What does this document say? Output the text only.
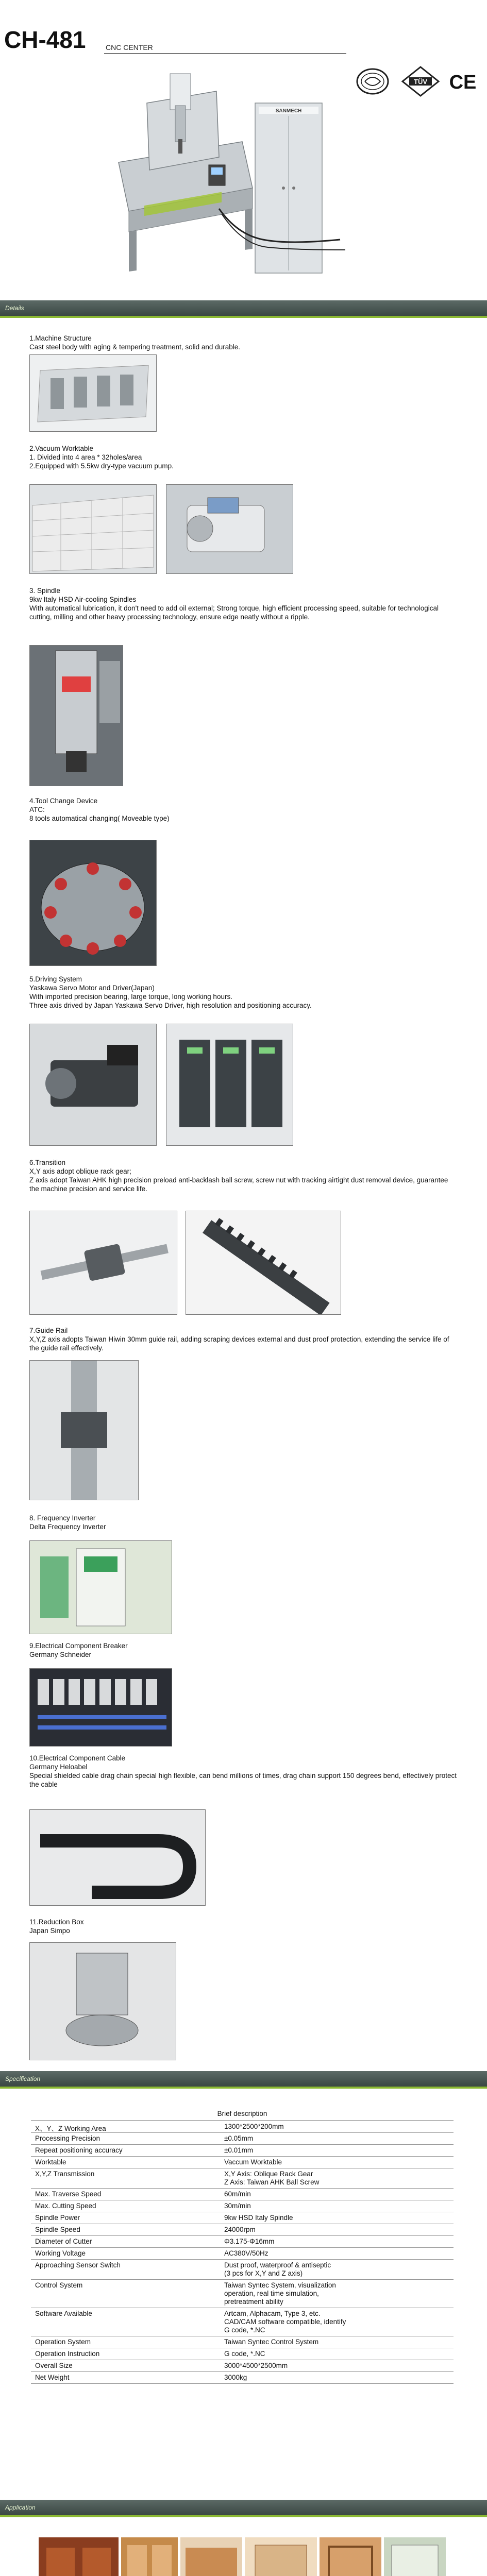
CH-481	CNC CENTER
TÜV CE
SANMECH
Details
1.Machine Structure
Cast steel body with aging & tempering treatment, solid and durable.
2.Vacuum Worktable
1. Divided into 4 area * 32holes/area
2.Equipped with 5.5kw dry-type vacuum pump.
3. Spindle
9kw Italy HSD Air-cooling Spindles
With automatical lubrication, it don't need to add oil external; Strong torque, high efficient processing speed, suitable for technological cutting, milling and other heavy processing technology, ensure edge neatly without a ripple.
4.Tool Change Device
ATC:
8 tools automatical changing( Moveable type)
5.Driving System
Yaskawa Servo Motor and Driver(Japan)
With imported precision bearing, large torque, long working hours.
Three axis drived by Japan Yaskawa Servo Driver, high resolution and positioning accuracy.
6.Transition
X,Y axis adopt oblique rack gear;
Z axis adopt Taiwan AHK high precision preload anti-backlash ball screw, screw nut with tracking airtight dust removal device, guarantee the machine precision and service life.
7.Guide Rail
X,Y,Z axis adopts Taiwan Hiwin 30mm guide rail, adding scraping devices external and dust proof protection, extending the service life of the guide rail effectively.
8. Frequency Inverter
Delta Frequency Inverter
9.Electrical Component Breaker
Germany Schneider
10.Electrical Component Cable
Germany Heloabel
Special shielded cable drag chain special high flexible, can bend millions of times, drag chain support 150 degrees bend, effectively protect the cable
11.Reduction Box
Japan Simpo
Specification
Brief description
X、Y、Z Working Area	1300*2500*200mm
Processing Precision	±0.05mm
Repeat positioning accuracy	±0.01mm
Worktable	Vaccum Worktable
X,Y,Z Transmission	X,Y Axis: Oblique Rack Gear
Z Axis: Taiwan AHK Ball Screw
Max. Traverse Speed	60m/min
Max. Cutting Speed	30m/min
Spindle Power	9kw HSD Italy Spindle
Spindle Speed	24000rpm
Diameter of Cutter	Φ3.175-Φ16mm
Working Voltage	AC380V/50Hz
Approaching Sensor Switch	Dust proof, waterproof & antiseptic
(3 pcs for X,Y and Z axis)
Control System	Taiwan Syntec System, visualization
operation, real time simulation,
pretreatment ability
Software Available	Artcam, Alphacam, Type 3, etc.
CAD/CAM software compatible, identify
G code, *.NC
Operation System	Taiwan Syntec Control System
Operation Instruction	G code, *.NC
Overall Size	3000*4500*2500mm
Net Weight	3000kg
Application
